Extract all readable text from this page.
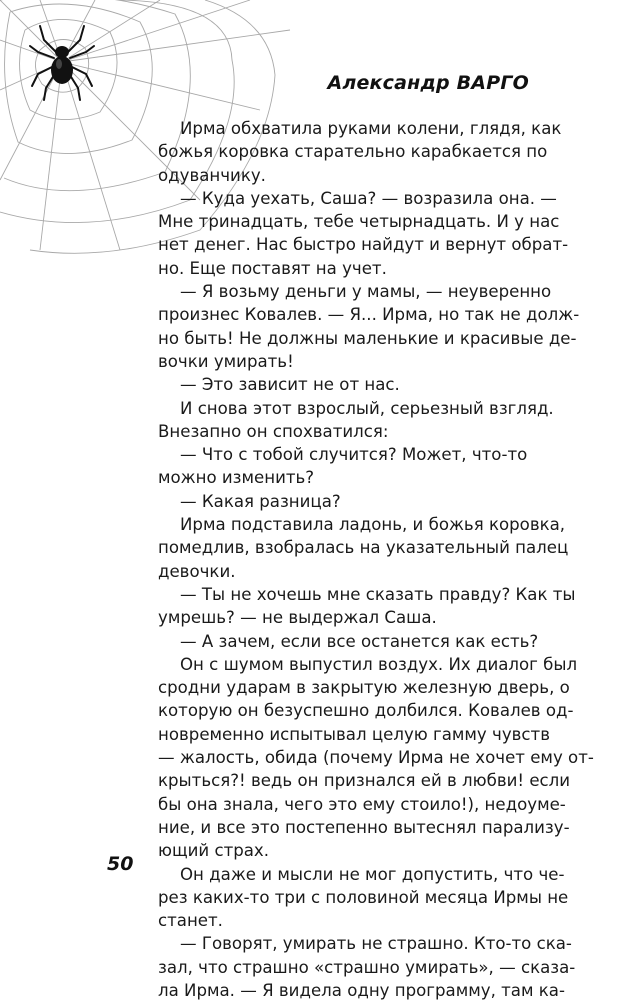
Александр ВАРГО
Ирма обхватила руками колени, глядя, как
божья коровка старательно карабкается по
одуванчику.
— Куда уехать, Саша? — возразила она. —
Мне тринадцать, тебе четырнадцать. И у нас
нет денег. Нас быстро найдут и вернут обрат-
но. Еще поставят на учет.
— Я возьму деньги у мамы, — неуверенно
произнес Ковалев. — Я... Ирма, но так не долж-
но быть! Не должны маленькие и красивые де-
вочки умирать!
— Это зависит не от нас.
И снова этот взрослый, серьезный взгляд.
Внезапно он спохватился:
— Что с тобой случится? Может, что-то
можно изменить?
— Какая разница?
Ирма подставила ладонь, и божья коровка,
помедлив, взобралась на указательный палец
девочки.
— Ты не хочешь мне сказать правду? Как ты
умрешь? — не выдержал Саша.
— А зачем, если все останется как есть?
Он с шумом выпустил воздух. Их диалог был
сродни ударам в закрытую железную дверь, о
которую он безуспешно долбился. Ковалев од-
новременно испытывал целую гамму чувств
— жалость, обида (почему Ирма не хочет ему от-
крыться?! ведь он признался ей в любви! если
бы она знала, чего это ему стоило!), недоуме-
ние, и все это постепенно вытеснял парализу-
ющий страх.
Он даже и мысли не мог допустить, что че-
рез каких-то три с половиной месяца Ирмы не
станет.
— Говорят, умирать не страшно. Кто-то ска-
зал, что страшно «страшно умирать», — сказа-
ла Ирма. — Я видела одну программу, там ка-
50
